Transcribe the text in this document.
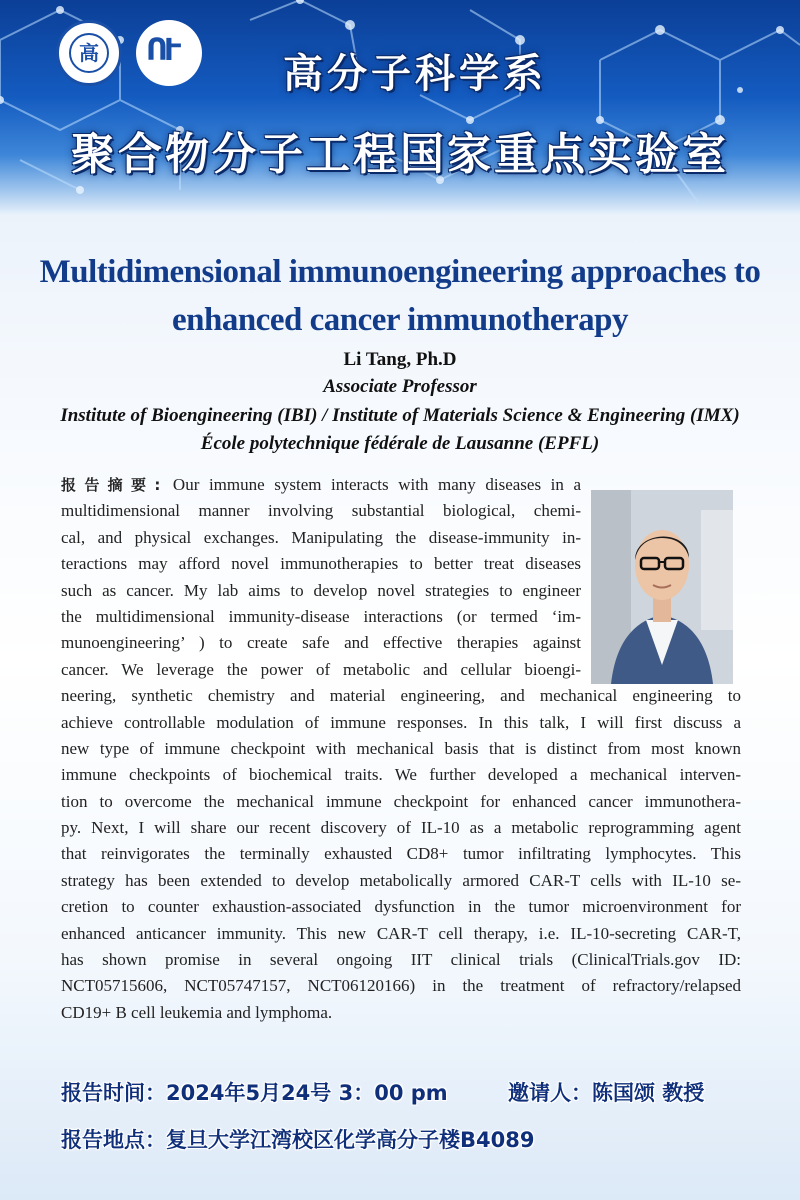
高	ՈՒ
高分子科学系
聚合物分子工程国家重点实验室
Multidimensional immunoengineering approaches to
enhanced cancer immunotherapy
Li Tang, Ph.D
Associate Professor
Institute of Bioengineering (IBI) / Institute of Materials Science & Engineering (IMX)
École polytechnique fédérale de Lausanne (EPFL)
报告摘要: Our immune system interacts with many diseases in a
multidimensional manner involving substantial biological, chemi-
cal, and physical exchanges. Manipulating the disease-immunity in-
teractions may afford novel immunotherapies to better treat diseases
such as cancer. My lab aims to develop novel strategies to engineer
the multidimensional immunity-disease interactions (or termed ‘im-
munoengineering’ ) to create safe and effective therapies against
cancer. We leverage the power of metabolic and cellular bioengi-
neering, synthetic chemistry and material engineering, and mechanical engineering to
achieve controllable modulation of immune responses. In this talk, I will first discuss a
new type of immune checkpoint with mechanical basis that is distinct from most known
immune checkpoints of biochemical traits. We further developed a mechanical interven-
tion to overcome the mechanical immune checkpoint for enhanced cancer immunothera-
py. Next, I will share our recent discovery of IL-10 as a metabolic reprogramming agent
that reinvigorates the terminally exhausted CD8+ tumor infiltrating lymphocytes. This
strategy has been extended to develop metabolically armored CAR-T cells with IL-10 se-
cretion to counter exhaustion-associated dysfunction in the tumor microenvironment for
enhanced anticancer immunity. This new CAR-T cell therapy, i.e. IL-10-secreting CAR-T,
has shown promise in several ongoing IIT clinical trials (ClinicalTrials.gov ID:
NCT05715606, NCT05747157, NCT06120166) in the treatment of refractory/relapsed
CD19+ B cell leukemia and lymphoma.
报告时间：2024年5月24号 3：00 pm	邀请人：陈国颂 教授
报告地点：复旦大学江湾校区化学高分子楼B4089
